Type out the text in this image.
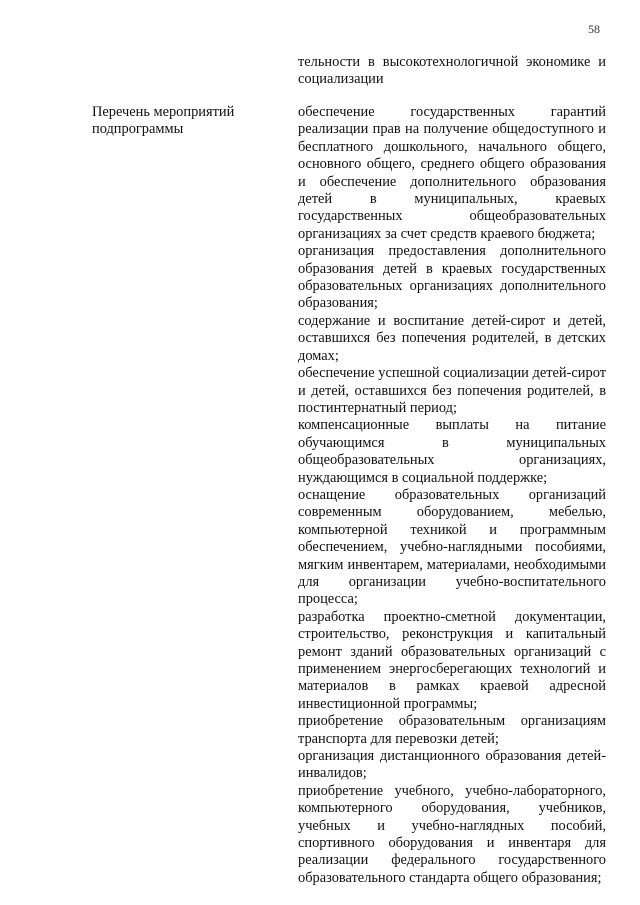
58
тельности в высокотехнологичной экономике и социализации
Перечень мероприятий подпрограммы
обеспечение государственных гарантий реализации прав на получение общедоступного и бесплатного дошкольного, начального общего, основного общего, среднего общего образования и обеспечение дополнительного образования детей в муниципальных, краевых государственных общеобразовательных организациях за счет средств краевого бюджета;
организация предоставления дополнительного образования детей в краевых государственных образовательных организациях дополнительного образования;
содержание и воспитание детей-сирот и детей, оставшихся без попечения родителей, в детских домах;
обеспечение успешной социализации детей-сирот и детей, оставшихся без попечения родителей, в постинтернатный период;
компенсационные выплаты на питание обучающимся в муниципальных общеобразовательных организациях, нуждающимся в социальной поддержке;
оснащение образовательных организаций современным оборудованием, мебелью, компьютерной техникой и программным обеспечением, учебно-наглядными пособиями, мягким инвентарем, материалами, необходимыми для организации учебно-воспитательного процесса;
разработка проектно-сметной документации, строительство, реконструкция и капитальный ремонт зданий образовательных организаций с применением энергосберегающих технологий и материалов в рамках краевой адресной инвестиционной программы;
приобретение образовательным организациям транспорта для перевозки детей;
организация дистанционного образования детей-инвалидов;
приобретение учебного, учебно-лабораторного, компьютерного оборудования, учебников, учебных и учебно-наглядных пособий, спортивного оборудования и инвентаря для реализации федерального государственного образовательного стандарта общего образования;
